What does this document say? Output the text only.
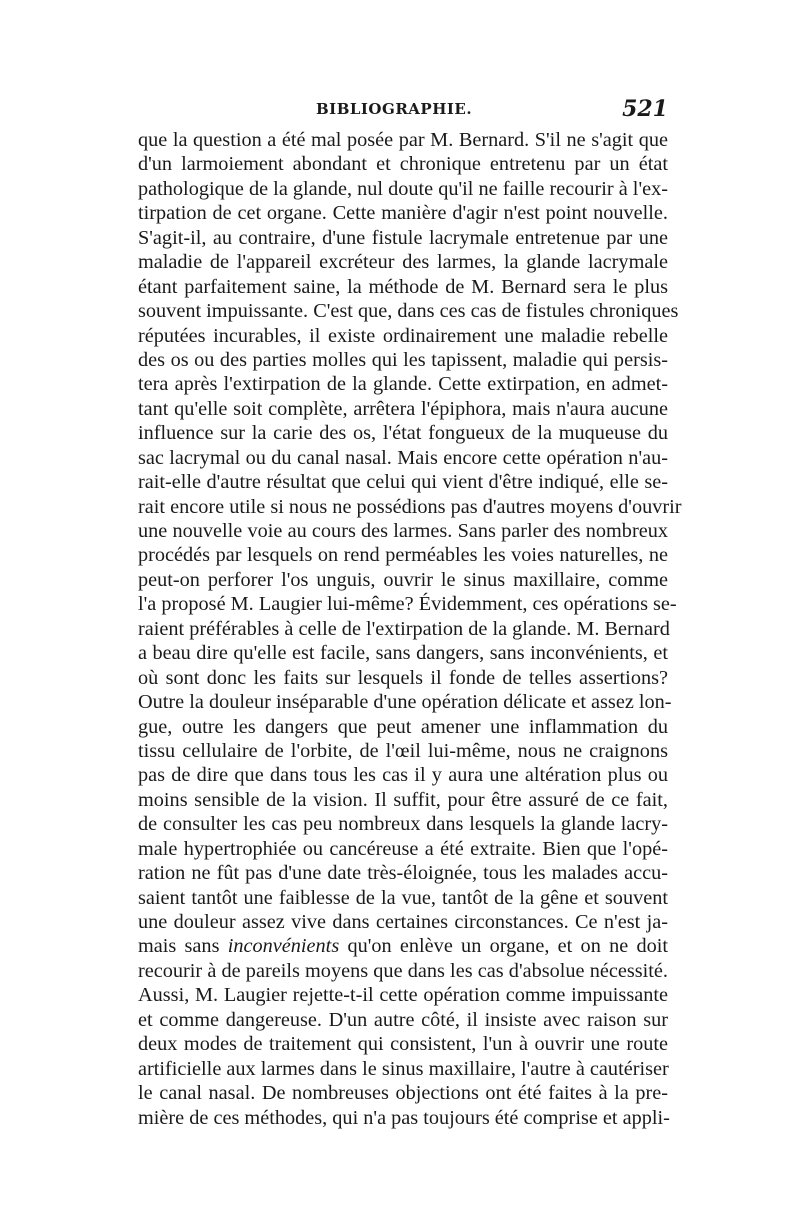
BIBLIOGRAPHIE.	521
que la question a été mal posée par M. Bernard. S'il ne s'agit que
d'un larmoiement abondant et chronique entretenu par un état
pathologique de la glande, nul doute qu'il ne faille recourir à l'ex-
tirpation de cet organe. Cette manière d'agir n'est point nouvelle.
S'agit-il, au contraire, d'une fistule lacrymale entretenue par une
maladie de l'appareil excréteur des larmes, la glande lacrymale
étant parfaitement saine, la méthode de M. Bernard sera le plus
souvent impuissante. C'est que, dans ces cas de fistules chroniques
réputées incurables, il existe ordinairement une maladie rebelle
des os ou des parties molles qui les tapissent, maladie qui persis-
tera après l'extirpation de la glande. Cette extirpation, en admet-
tant qu'elle soit complète, arrêtera l'épiphora, mais n'aura aucune
influence sur la carie des os, l'état fongueux de la muqueuse du
sac lacrymal ou du canal nasal. Mais encore cette opération n'au-
rait-elle d'autre résultat que celui qui vient d'être indiqué, elle se-
rait encore utile si nous ne possédions pas d'autres moyens d'ouvrir
une nouvelle voie au cours des larmes. Sans parler des nombreux
procédés par lesquels on rend perméables les voies naturelles, ne
peut-on perforer l'os unguis, ouvrir le sinus maxillaire, comme
l'a proposé M. Laugier lui-même? Évidemment, ces opérations se-
raient préférables à celle de l'extirpation de la glande. M. Bernard
a beau dire qu'elle est facile, sans dangers, sans inconvénients, et
où sont donc les faits sur lesquels il fonde de telles assertions?
Outre la douleur inséparable d'une opération délicate et assez lon-
gue, outre les dangers que peut amener une inflammation du
tissu cellulaire de l'orbite, de l'œil lui-même, nous ne craignons
pas de dire que dans tous les cas il y aura une altération plus ou
moins sensible de la vision. Il suffit, pour être assuré de ce fait,
de consulter les cas peu nombreux dans lesquels la glande lacry-
male hypertrophiée ou cancéreuse a été extraite. Bien que l'opé-
ration ne fût pas d'une date très-éloignée, tous les malades accu-
saient tantôt une faiblesse de la vue, tantôt de la gêne et souvent
une douleur assez vive dans certaines circonstances. Ce n'est ja-
mais sans inconvénients qu'on enlève un organe, et on ne doit
recourir à de pareils moyens que dans les cas d'absolue nécessité.
Aussi, M. Laugier rejette-t-il cette opération comme impuissante
et comme dangereuse. D'un autre côté, il insiste avec raison sur
deux modes de traitement qui consistent, l'un à ouvrir une route
artificielle aux larmes dans le sinus maxillaire, l'autre à cautériser
le canal nasal. De nombreuses objections ont été faites à la pre-
mière de ces méthodes, qui n'a pas toujours été comprise et appli-
